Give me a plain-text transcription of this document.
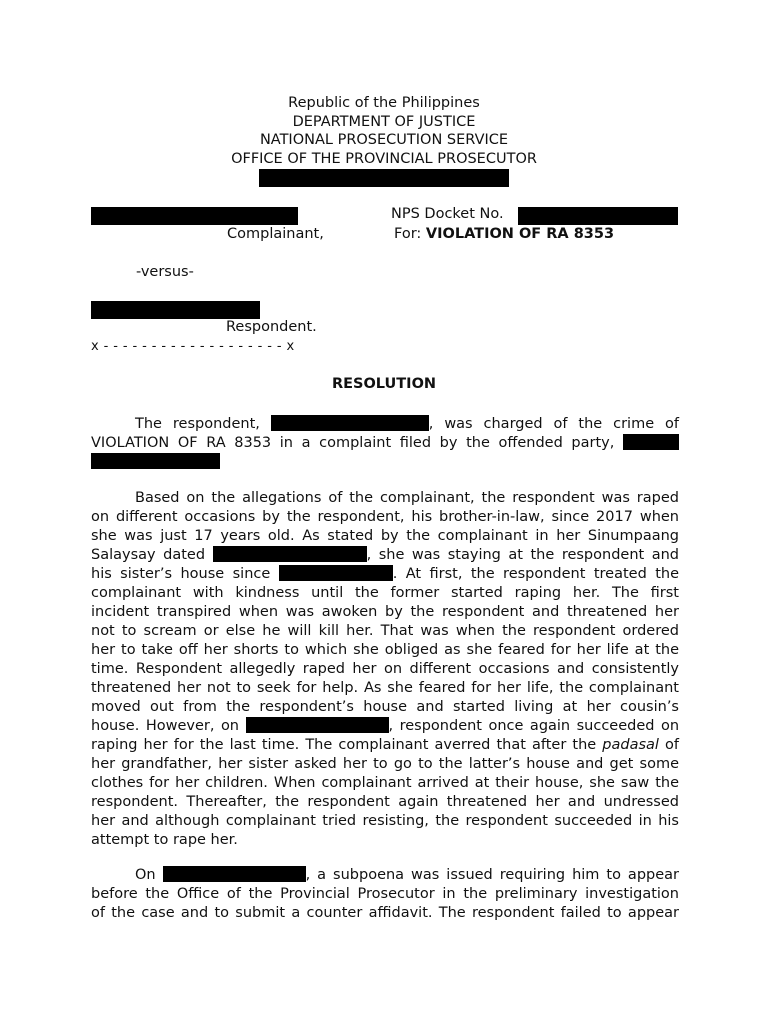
Republic of the Philippines
DEPARTMENT OF JUSTICE
NATIONAL PROSECUTION SERVICE
OFFICE OF THE PROVINCIAL PROSECUTOR
NPS Docket No.
Complainant,	For: VIOLATION OF RA 8353
-versus-
Respondent.
x - - - - - - - - - - - - - - - - - - - x
RESOLUTION
The respondent,	, was charged of the crime of
VIOLATION OF RA 8353 in a complaint filed by the offended party,
Based on the allegations of the complainant, the respondent was raped
on different occasions by the respondent, his brother-in-law, since 2017 when
she was just 17 years old. As stated by the complainant in her Sinumpaang
Salaysay dated	, she was staying at the respondent and
his sister’s house since	. At first, the respondent treated the
complainant with kindness until the former started raping her. The first
incident transpired when was awoken by the respondent and threatened her
not to scream or else he will kill her. That was when the respondent ordered
her to take off her shorts to which she obliged as she feared for her life at the
time. Respondent allegedly raped her on different occasions and consistently
threatened her not to seek for help. As she feared for her life, the complainant
moved out from the respondent’s house and started living at her cousin’s
house. However, on	, respondent once again succeeded on
raping her for the last time. The complainant averred that after the padasal of
her grandfather, her sister asked her to go to the latter’s house and get some
clothes for her children. When complainant arrived at their house, she saw the
respondent. Thereafter, the respondent again threatened her and undressed
her and although complainant tried resisting, the respondent succeeded in his
attempt to rape her.
On	, a subpoena was issued requiring him to appear
before the Office of the Provincial Prosecutor in the preliminary investigation
of the case and to submit a counter affidavit. The respondent failed to appear
